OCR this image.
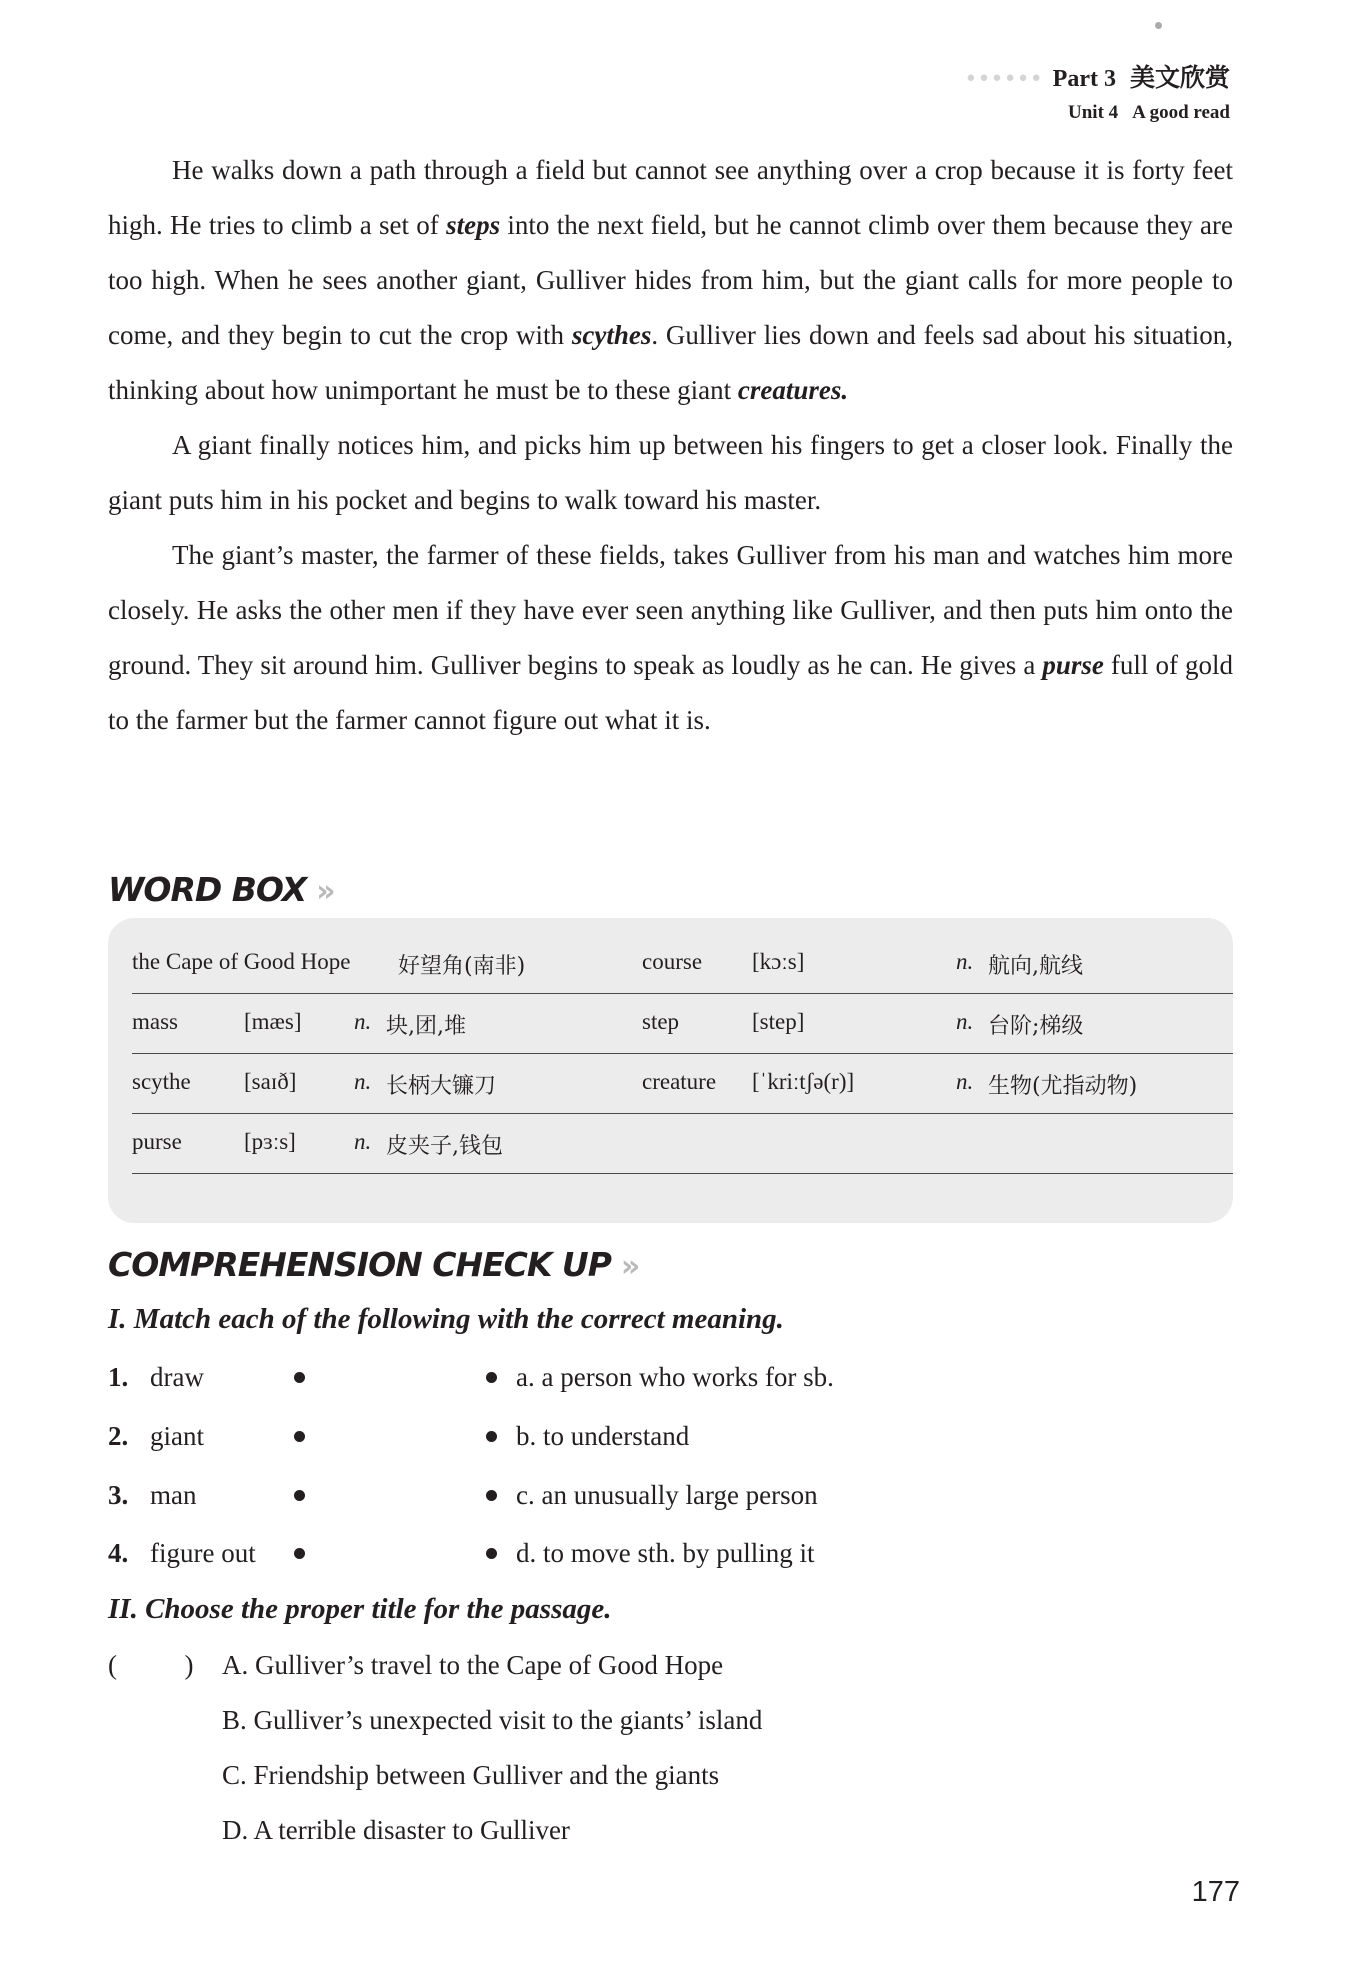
●●●●●● Part 3 美文欣赏
Unit 4 A good read

He walks down a path through a field but cannot see anything over a crop because it is forty feet high. He tries to climb a set of steps into the next field, but he cannot climb over them because they are too high. When he sees another giant, Gulliver hides from him, but the giant calls for more people to come, and they begin to cut the crop with scythes. Gulliver lies down and feels sad about his situation, thinking about how unimportant he must be to these giant creatures.

A giant finally notices him, and picks him up between his fingers to get a closer look. Finally the giant puts him in his pocket and begins to walk toward his master.

The giant’s master, the farmer of these fields, takes Gulliver from his man and watches him more closely. He asks the other men if they have ever seen anything like Gulliver, and then puts him onto the ground. They sit around him. Gulliver begins to speak as loudly as he can. He gives a purse full of gold to the farmer but the farmer cannot figure out what it is.

WORD BOX »
the Cape of Good Hope 好望角(南非)	course [kɔːs]	n. 航向,航线
mass	[mæs] n. 块,团,堆	step	[step]	n. 台阶;梯级
scythe [saɪð]	n. 长柄大镰刀	creature [ˈkriːtʃə(r)]	n. 生物(尤指动物)
purse	[pɜːs]	n. 皮夹子,钱包
COMPREHENSION CHECK UP »
I. Match each of the following with the correct meaning.
1. draw	a. a person who works for sb.
2. giant	b. to understand
3. man	c. an unusually large person
4. figure out	d. to move sth. by pulling it
II. Choose the proper title for the passage.
(          ) A. Gulliver’s travel to the Cape of Good Hope
B. Gulliver’s unexpected visit to the giants’ island
C. Friendship between Gulliver and the giants
D. A terrible disaster to Gulliver
177
